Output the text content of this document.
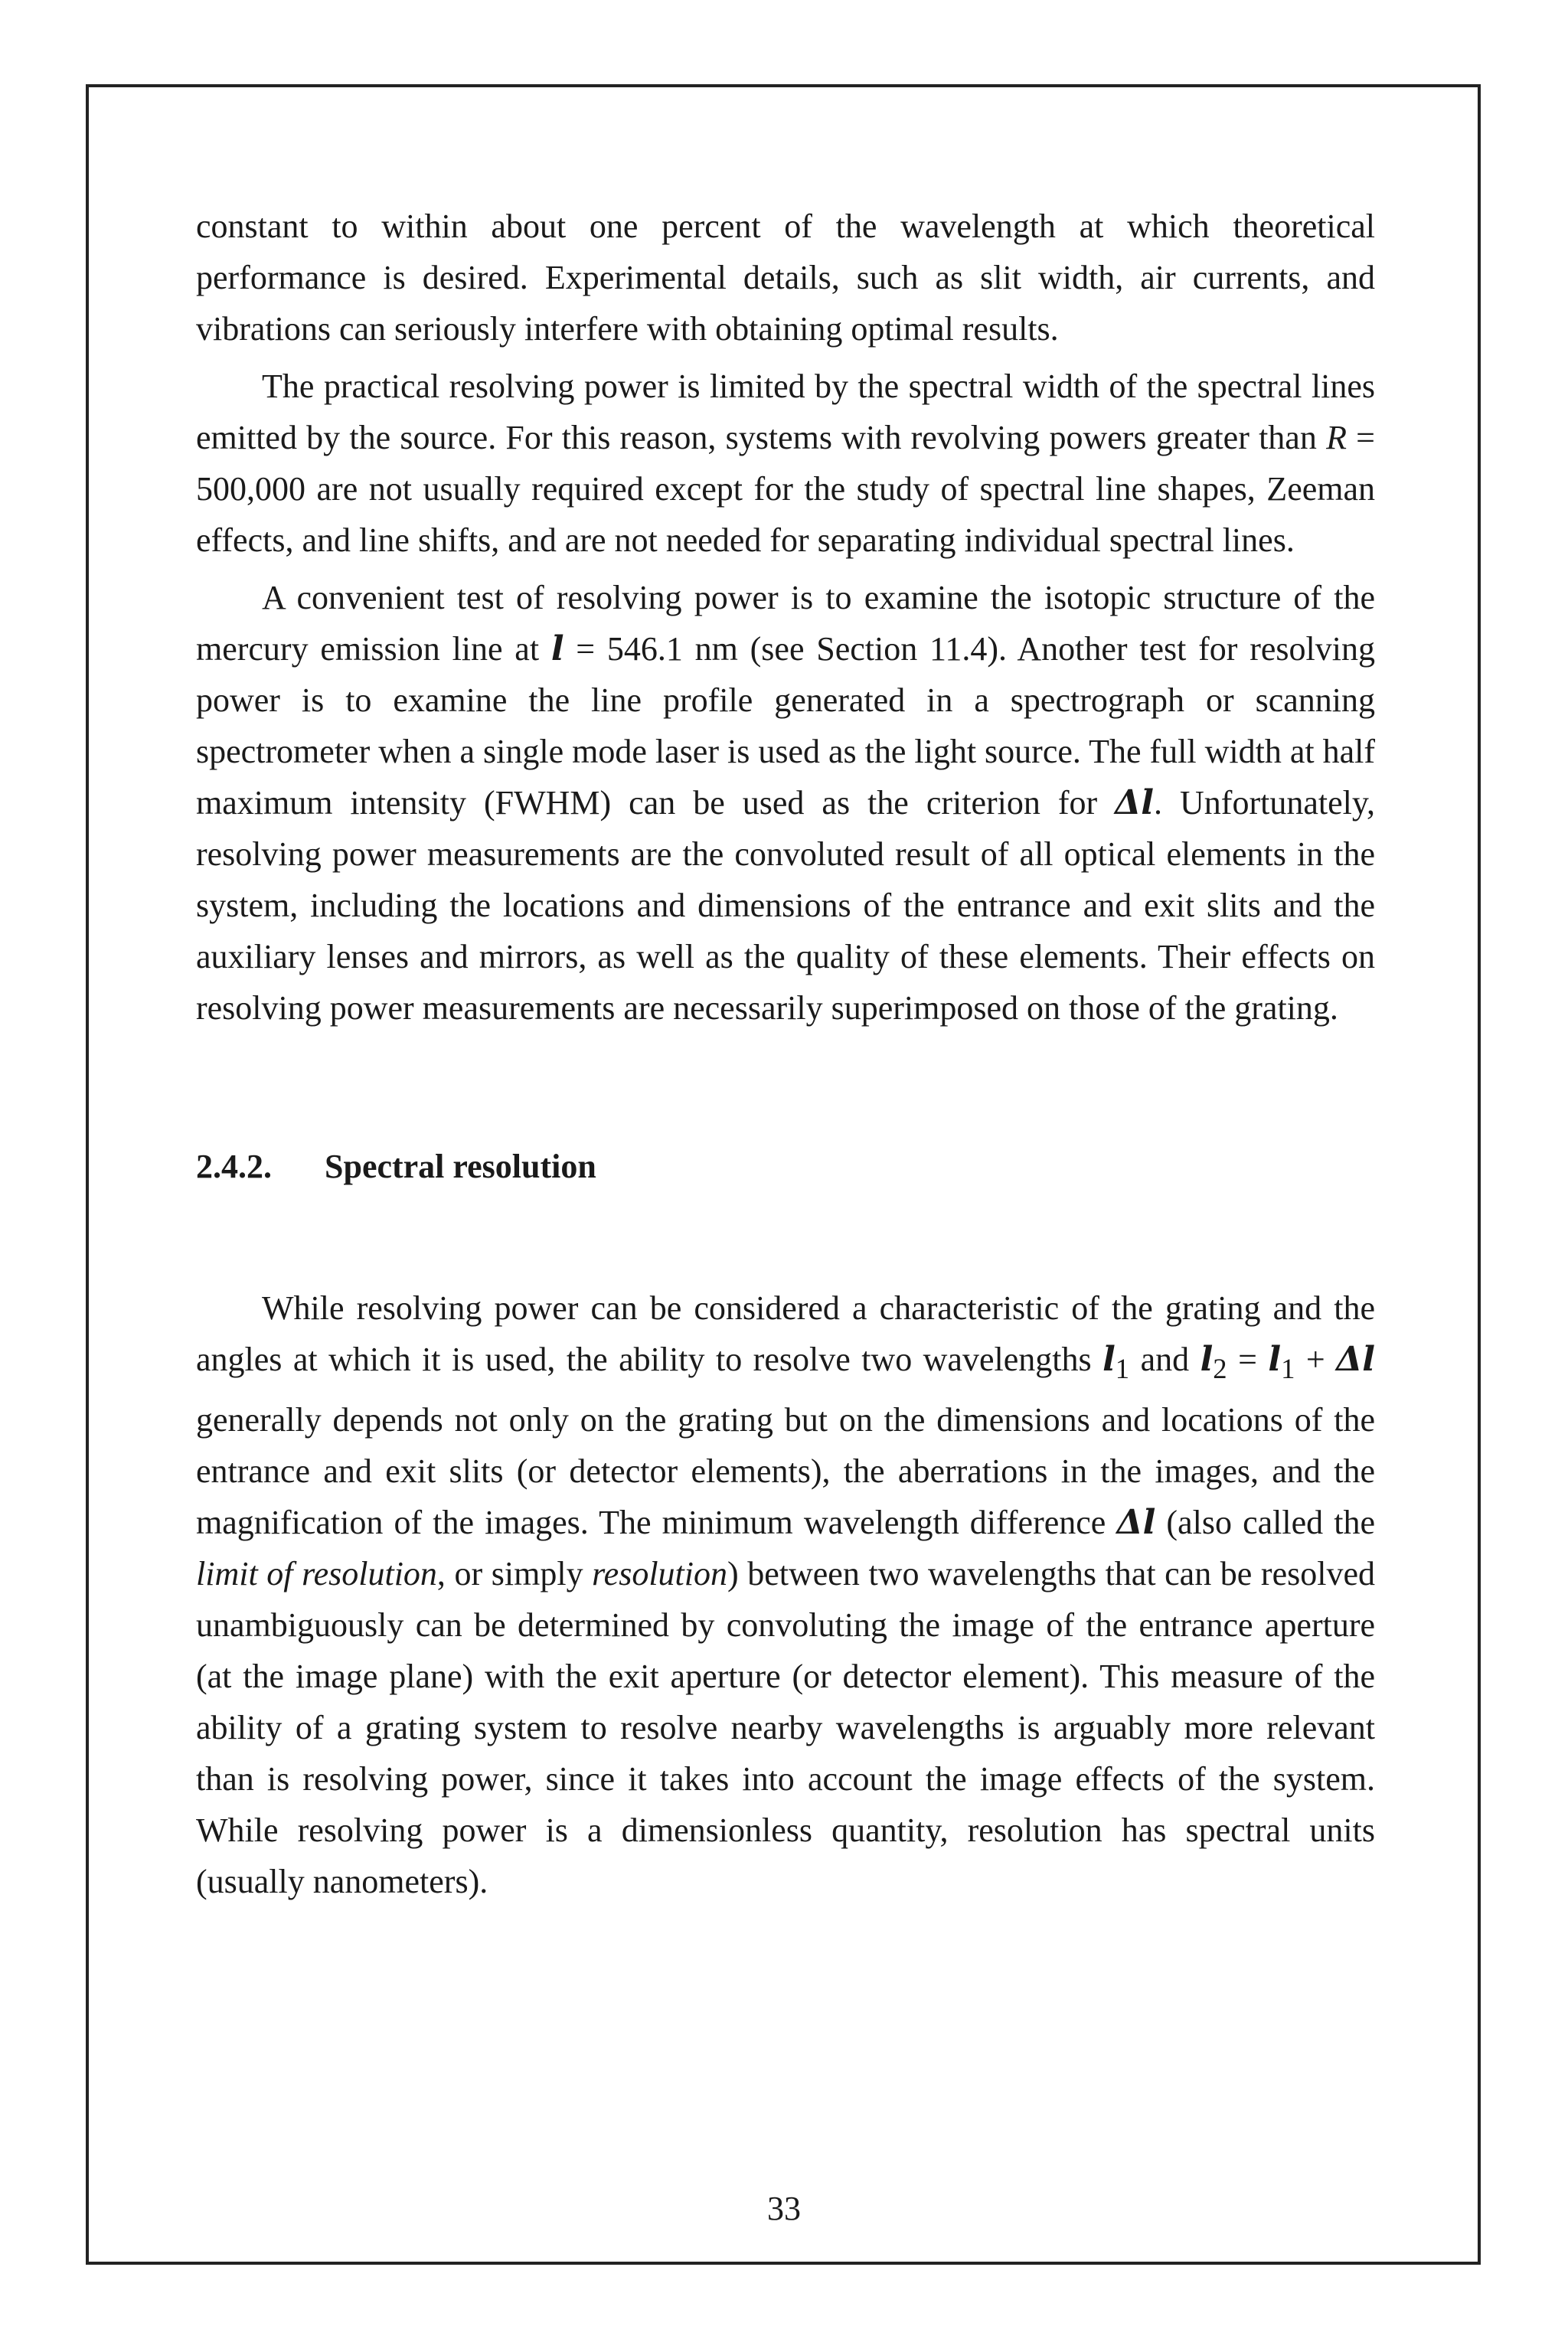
constant to within about one percent of the wavelength at which theoretical performance is desired. Experimental details, such as slit width, air currents, and vibrations can seriously interfere with obtaining optimal results.

The practical resolving power is limited by the spectral width of the spectral lines emitted by the source. For this reason, systems with revolving powers greater than R = 500,000 are not usually required except for the study of spectral line shapes, Zeeman effects, and line shifts, and are not needed for separating individual spectral lines.

A convenient test of resolving power is to examine the isotopic structure of the mercury emission line at l = 546.1 nm (see Section 11.4). Another test for resolving power is to examine the line profile generated in a spectrograph or scanning spectrometer when a single mode laser is used as the light source. The full width at half maximum intensity (FWHM) can be used as the criterion for Δl. Unfortunately, resolving power measurements are the convoluted result of all optical elements in the system, including the locations and dimensions of the entrance and exit slits and the auxiliary lenses and mirrors, as well as the quality of these elements. Their effects on resolving power measurements are necessarily superimposed on those of the grating.

2.4.2. Spectral resolution

While resolving power can be considered a characteristic of the grating and the angles at which it is used, the ability to resolve two wavelengths $l_1$ and $l_2 = l_1 + \Delta l$ generally depends not only on the grating but on the dimensions and locations of the entrance and exit slits (or detector elements), the aberrations in the images, and the magnification of the images. The minimum wavelength difference Δl (also called the limit of resolution, or simply resolution) between two wavelengths that can be resolved unambiguously can be determined by convoluting the image of the entrance aperture (at the image plane) with the exit aperture (or detector element). This measure of the ability of a grating system to resolve nearby wavelengths is arguably more relevant than is resolving power, since it takes into account the image effects of the system. While resolving power is a dimensionless quantity, resolution has spectral units (usually nanometers).

33
